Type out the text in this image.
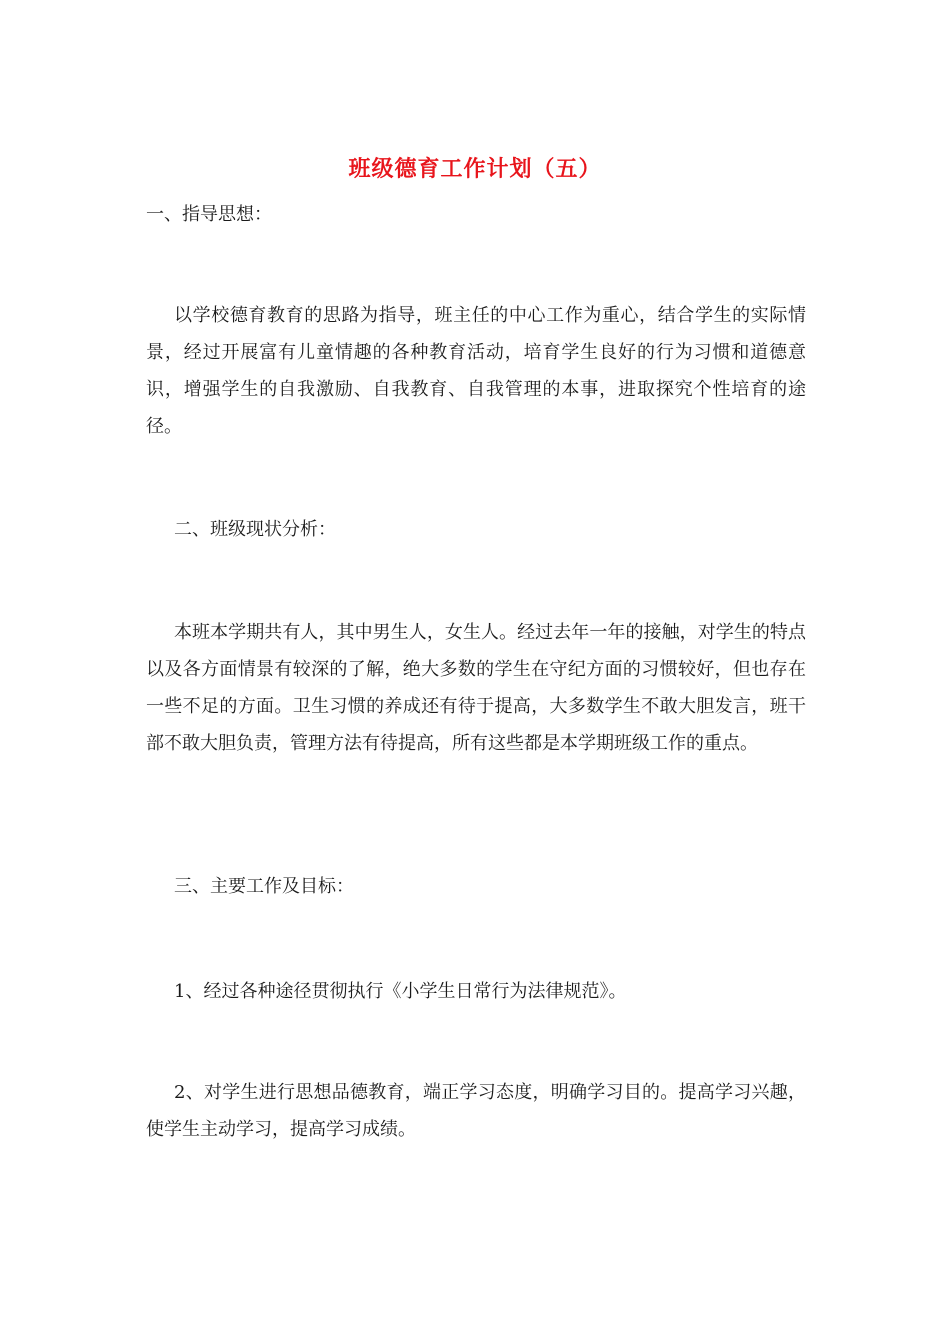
班级德育工作计划（五）

一、指导思想：

以学校德育教育的思路为指导，班主任的中心工作为重心，结合学生的实际情景，经过开展富有儿童情趣的各种教育活动，培育学生良好的行为习惯和道德意识，增强学生的自我激励、自我教育、自我管理的本事，进取探究个性培育的途径。

二、班级现状分析：

本班本学期共有人，其中男生人，女生人。经过去年一年的接触，对学生的特点以及各方面情景有较深的了解，绝大多数的学生在守纪方面的习惯较好，但也存在一些不足的方面。卫生习惯的养成还有待于提高，大多数学生不敢大胆发言，班干部不敢大胆负责，管理方法有待提高，所有这些都是本学期班级工作的重点。

三、主要工作及目标：

1、经过各种途径贯彻执行《小学生日常行为法律规范》。

2、对学生进行思想品德教育，端正学习态度，明确学习目的。提高学习兴趣，使学生主动学习，提高学习成绩。
